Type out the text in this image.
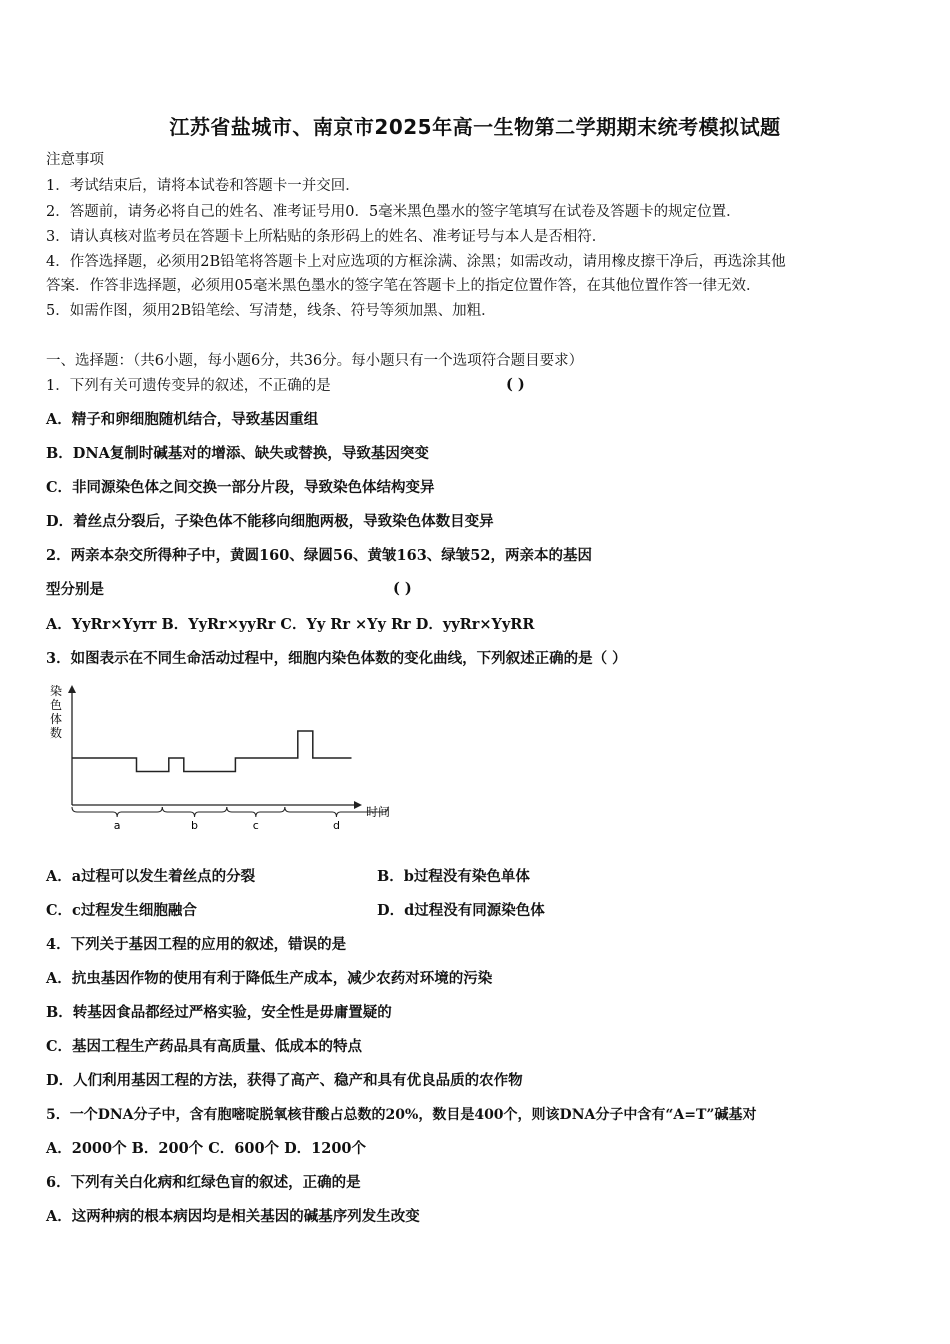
江苏省盐城市、南京市2025年高一生物第二学期期末统考模拟试题
注意事项
1．考试结束后，请将本试卷和答题卡一并交回．
2．答题前，请务必将自己的姓名、准考证号用0．5毫米黑色墨水的签字笔填写在试卷及答题卡的规定位置．
3．请认真核对监考员在答题卡上所粘贴的条形码上的姓名、准考证号与本人是否相符．
4．作答选择题，必须用2B铅笔将答题卡上对应选项的方框涂满、涂黑；如需改动，请用橡皮擦干净后，再选涂其他
答案．作答非选择题，必须用05毫米黑色墨水的签字笔在答题卡上的指定位置作答，在其他位置作答一律无效．
5．如需作图，须用2B铅笔绘、写清楚，线条、符号等须加黑、加粗．
一、选择题：（共6小题，每小题6分，共36分。每小题只有一个选项符合题目要求）
1．下列有关可遗传变异的叙述，不正确的是	( )
A．精子和卵细胞随机结合，导致基因重组
B．DNA复制时碱基对的增添、缺失或替换，导致基因突变
C．非同源染色体之间交换一部分片段，导致染色体结构变异
D．着丝点分裂后，子染色体不能移向细胞两极，导致染色体数目变异
2．两亲本杂交所得种子中，黄圆160、绿圆56、黄皱163、绿皱52，两亲本的基因
型分别是	( )
A．YyRr×Yyrr B．YyRr×yyRr C．Yy Rr ×Yy Rr D．yyRr×YyRR
3．如图表示在不同生命活动过程中，细胞内染色体数的变化曲线，下列叙述正确的是（ ）
染
色
体
数
时间
a	b	c	d
A．a过程可以发生着丝点的分裂	B．b过程没有染色单体
C．c过程发生细胞融合	D．d过程没有同源染色体
4．下列关于基因工程的应用的叙述，错误的是
A．抗虫基因作物的使用有利于降低生产成本，减少农药对环境的污染
B．转基因食品都经过严格实验，安全性是毋庸置疑的
C．基因工程生产药品具有高质量、低成本的特点
D．人们利用基因工程的方法，获得了高产、稳产和具有优良品质的农作物
5．一个DNA分子中，含有胞嘧啶脱氧核苷酸占总数的20%，数目是400个，则该DNA分子中含有“A=T”碱基对
A．2000个 B．200个 C．600个 D．1200个
6．下列有关白化病和红绿色盲的叙述，正确的是
A．这两种病的根本病因均是相关基因的碱基序列发生改变
